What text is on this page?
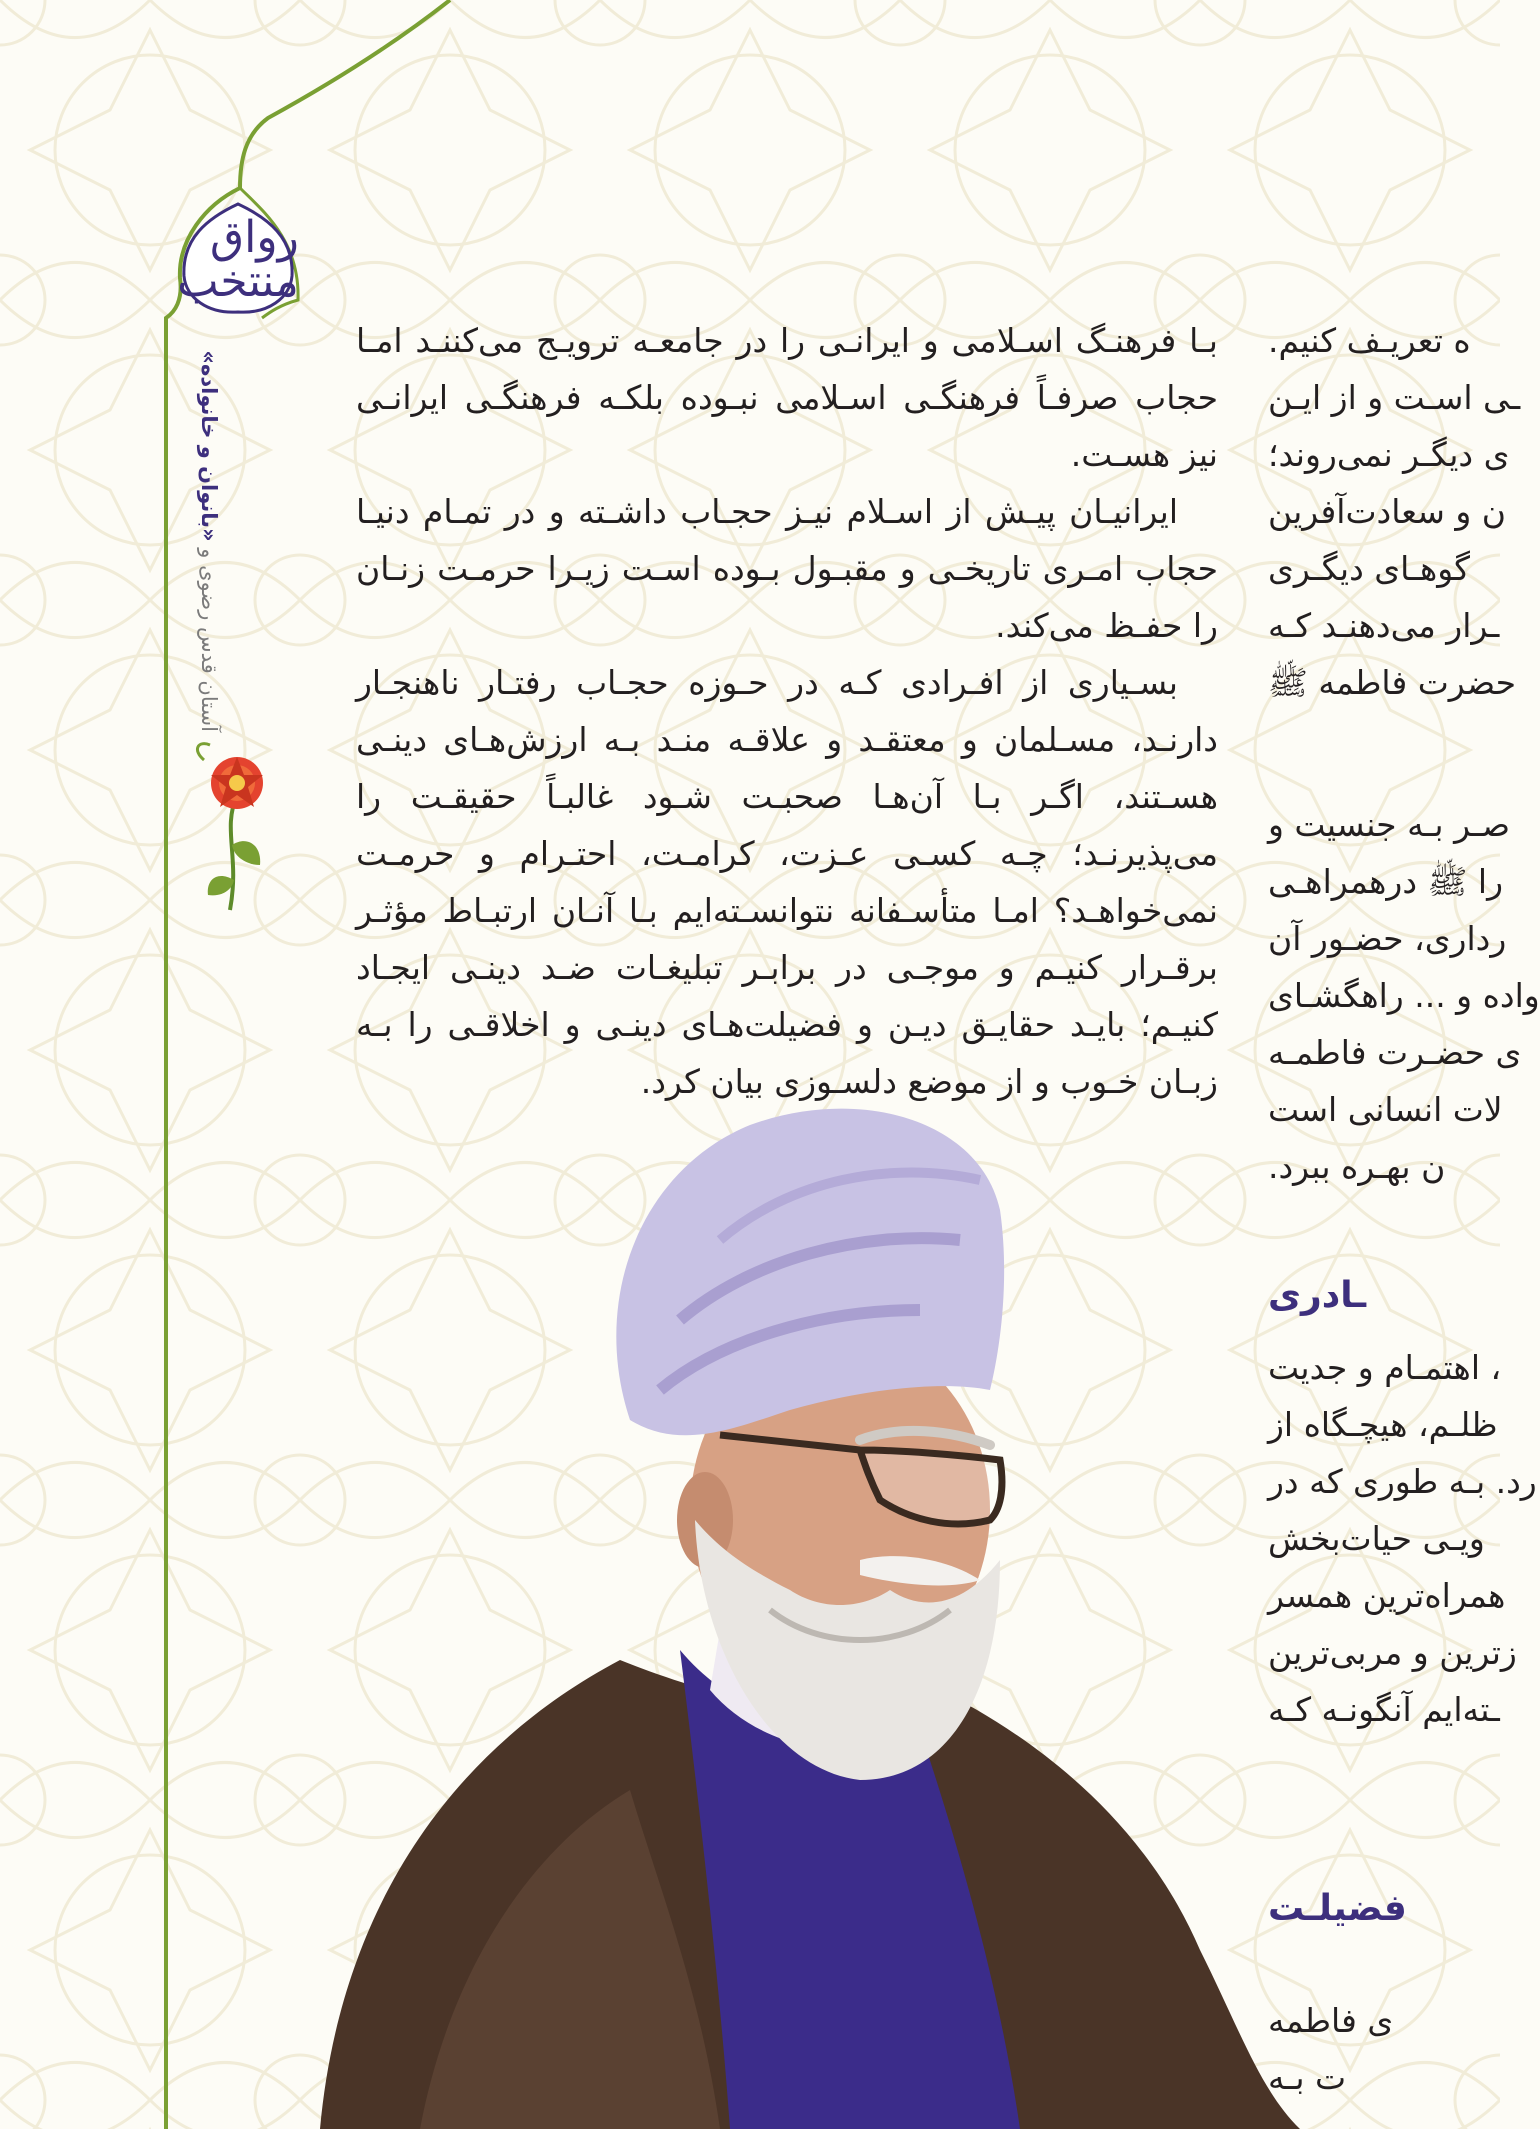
رواق منتخب
آستان قدس رضوی و «بانوان و خانواده»

بـا فرهنـگ اسـلامی و ایرانـی را در جامعـه ترویـج می‌کننـد امـا حجاب صرفـاً فرهنگـی اسـلامی نبـوده بلکـه فرهنگـی ایرانـی نیز هسـت.

ایرانیـان پیـش از اسـلام نیـز حجـاب داشـته و در تمـام دنیـا حجاب امـری تاریخـی و مقبـول بـوده اسـت زیـرا حرمـت زنـان را حفـظ می‌کند.

بسـیاری از افـرادی کـه در حـوزه حجـاب رفتـار ناهنجـار دارنـد، مسـلمان و معتقـد و علاقـه منـد بـه ارزش‌هـای دینـی هسـتند، اگـر بـا آن‌هـا صحبـت شـود غالبـاً حقیقـت را می‌پذیرنـد؛ چـه کسـی عـزت، کرامـت، احتـرام و حرمـت نمی‌خواهـد؟ امـا متأسـفانه نتوانسـته‌ایم بـا آنـان ارتبـاط مؤثـر برقـرار کنیـم و موجـی در برابـر تبلیغـات ضـد دینـی ایجـاد کنیـم؛ بایـد حقایـق دیـن و فضیلت‌هـای دینـی و اخلاقـی را بـه زبـان خـوب و از موضع دلسـوزی بیان کرد.

ه تعریـف کنیم.
ـی اسـت و از ایـن
ی دیگـر نمی‌روند؛
ن و سعادت‌آفرین
گوهـای دیگـری
ـرار می‌دهنـد کـه
حضرت فاطمه ﷺ
صـر بـه جنسیت و
را ﷺ درهمراهـی
رداری، حضـور آن
واده و ... راهگشـای
ی حضـرت فاطمـه
لات انسانی است
ن بهـره ببرد.
ـادری
، اهتمـام و جدیت
ظلـم، هیچـگاه از
رد. بـه طوری که در
ویـی حیات‌بخش
همراه‌ترین همسر
زترین و مربی‌ترین
ـته‌ایم آنگونـه کـه
فضیلـت
ی فاطمه
ت بـه
